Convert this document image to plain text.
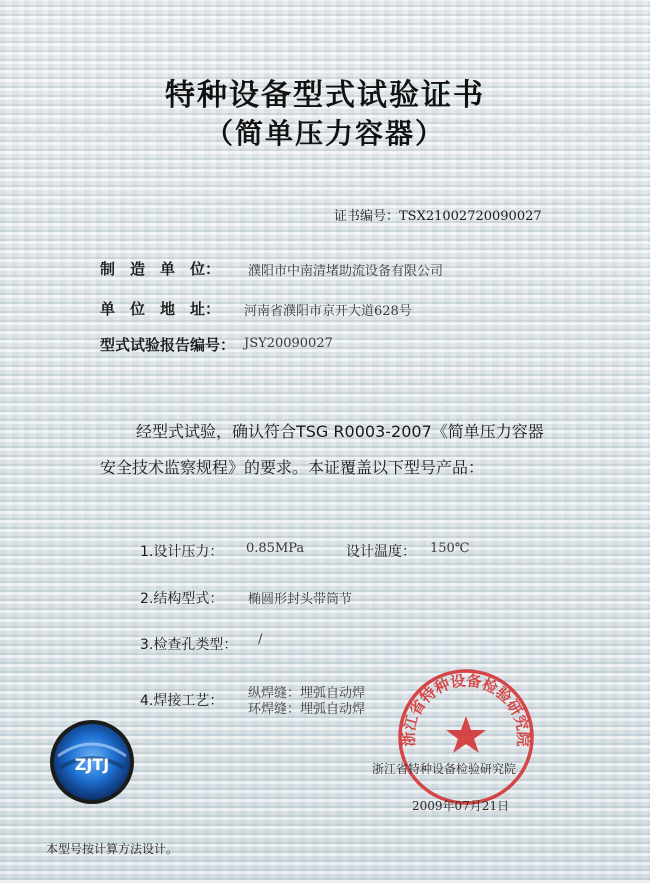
特种设备型式试验证书
（简单压力容器）
证书编号：TSX21002720090027
制 造 单 位： 濮阳市中南清堵助流设备有限公司
单 位 地 址： 河南省濮阳市京开大道628号
型式试验报告编号： JSY20090027
经型式试验，确认符合TSG R0003-2007《简单压力容器
安全技术监察规程》的要求。本证覆盖以下型号产品：
1.设计压力： 0.85MPa	设计温度： 150℃
2.结构型式： 椭圆形封头带筒节
3.检查孔类型： /
4.焊接工艺： 纵焊缝：埋弧自动焊
环焊缝：埋弧自动焊
ZJTJ
浙江省特种设备检验研究院
浙江省特种设备检验研究院
2009年07月21日
本型号按计算方法设计。
